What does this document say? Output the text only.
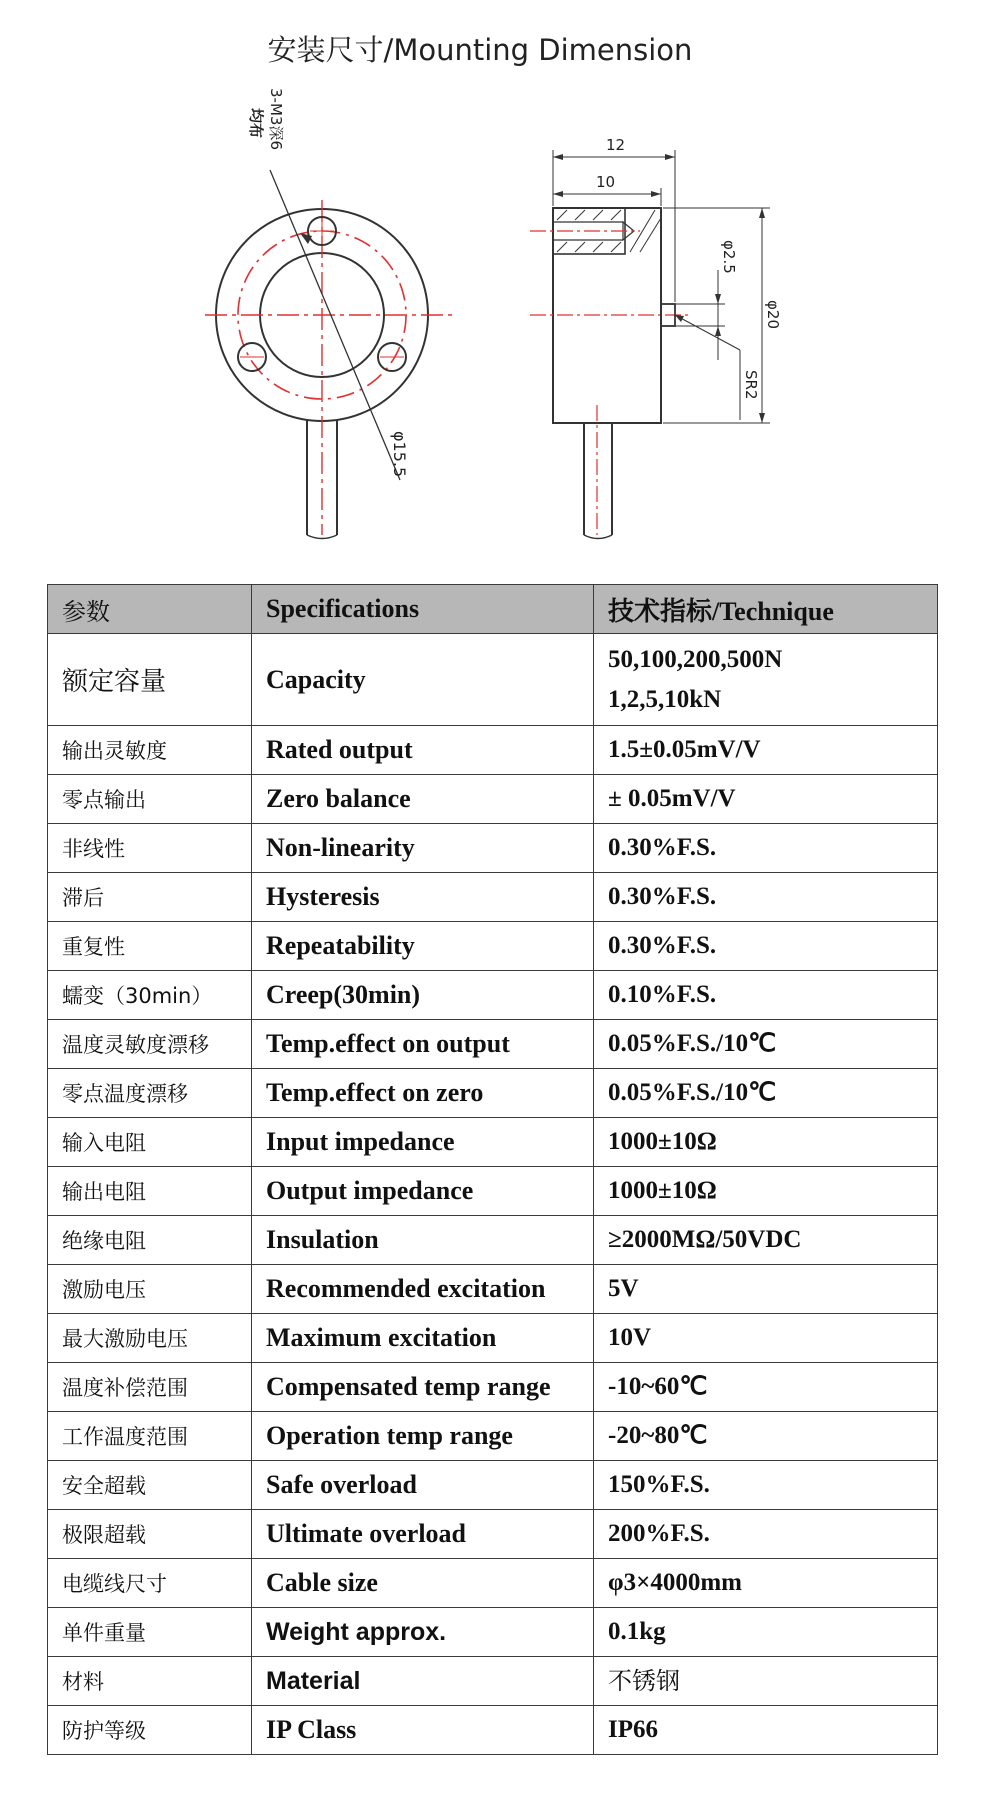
安装尺寸/Mounting Dimension
3-M3深6
均布
φ15.5
12
10
φ20
φ2.5
SR2
参数	Specifications	技术指标/Technique
额定容量	Capacity	50,100,200,500N
1,2,5,10kN

输出灵敏度	Rated output	1.5±0.05mV/V
零点输出	Zero balance	± 0.05mV/V
非线性	Non-linearity	0.30%F.S.
滞后	Hysteresis	0.30%F.S.
重复性	Repeatability	0.30%F.S.
蠕变（30min）	Creep(30min)	0.10%F.S.
温度灵敏度漂移	Temp.effect on output	0.05%F.S./10℃
零点温度漂移	Temp.effect on zero	0.05%F.S./10℃
输入电阻	Input impedance	1000±10Ω
输出电阻	Output impedance	1000±10Ω
绝缘电阻	Insulation	≥2000MΩ/50VDC
激励电压	Recommended excitation	5V
最大激励电压	Maximum excitation	10V
温度补偿范围	Compensated temp range	-10~60℃
工作温度范围	Operation temp range	-20~80℃
安全超载	Safe overload	150%F.S.
极限超载	Ultimate overload	200%F.S.
电缆线尺寸	Cable size	φ3×4000mm
单件重量	Weight approx.	0.1kg
材料	Material	不锈钢
防护等级	IP Class	IP66
